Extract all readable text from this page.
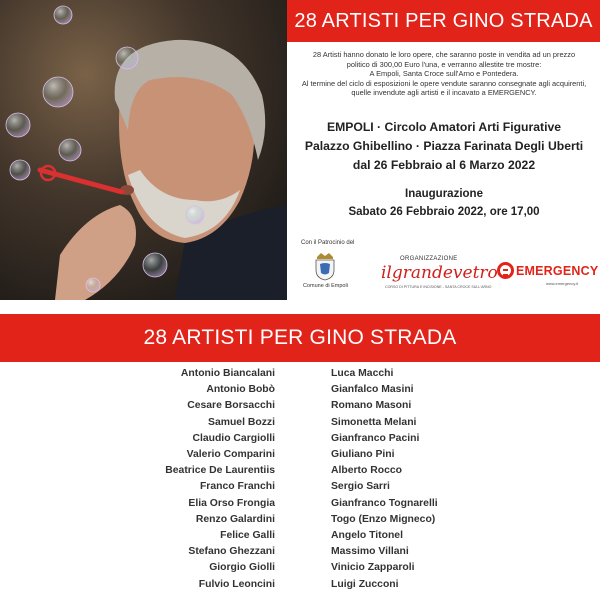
28 ARTISTI PER GINO STRADA
28 Artisti hanno donato le loro opere, che saranno poste in vendita ad un prezzo
politico di 300,00 Euro l'una, e verranno allestite tre mostre:
A Empoli, Santa Croce sull'Arno e Pontedera.
Al termine del ciclo di esposizioni le opere vendute saranno consegnate agli acquirenti,
quelle invendute agli artisti e il incavato a EMERGENCY.
EMPOLI · Circolo Amatori Arti Figurative
Palazzo Ghibellino · Piazza Farinata Degli Uberti
dal 26 Febbraio al 6 Marzo 2022
Inaugurazione
Sabato 26 Febbraio 2022, ore 17,00
Con il Patrocinio del
Comune di Empoli
ORGANIZZAZIONE
ilgrandevetro
CORSO DI PITTURA E INCISIONE - SANTA CROCE SULL'ARNO
EMERGENCY
www.emergency.it
28 ARTISTI PER GINO STRADA
Antonio Biancalani
Antonio Bobò
Cesare Borsacchi
Samuel Bozzi
Claudio Cargiolli
Valerio Comparini
Beatrice De Laurentiis
Franco Franchi
Elia Orso Frongia
Renzo Galardini
Felice Galli
Stefano Ghezzani
Giorgio Giolli
Fulvio Leoncini
Luca Macchi
Gianfalco Masini
Romano Masoni
Simonetta Melani
Gianfranco Pacini
Giuliano Pini
Alberto Rocco
Sergio Sarri
Gianfranco Tognarelli
Togo (Enzo Migneco)
Angelo Titonel
Massimo Villani
Vinicio Zapparoli
Luigi Zucconi
